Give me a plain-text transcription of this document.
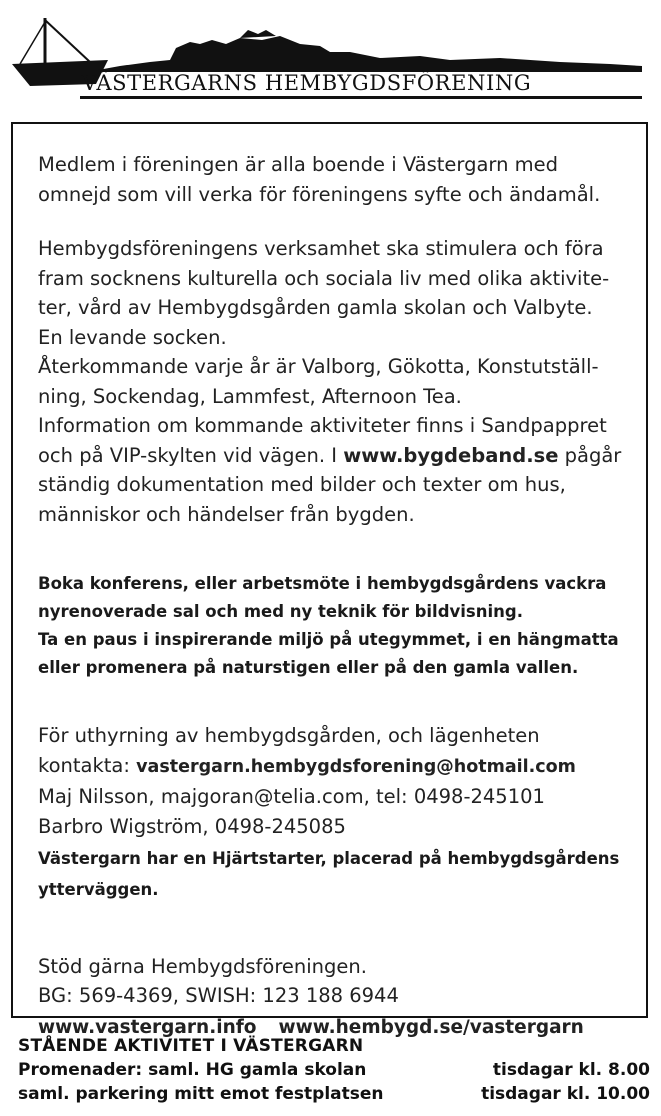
VÄSTERGARNS HEMBYGDSFÖRENING

Medlem i föreningen är alla boende i Västergarn med
omnejd som vill verka för föreningens syfte och ändamål.

Hembygdsföreningens verksamhet ska stimulera och föra
fram socknens kulturella och sociala liv med olika aktivite-
ter, vård av Hembygdsgården gamla skolan och Valbyte.
En levande socken.
Återkommande varje år är Valborg, Gökotta, Konstutställ-
ning, Sockendag, Lammfest, Afternoon Tea.
Information om kommande aktiviteter finns i Sandpappret
och på VIP-skylten vid vägen. I www.bygdeband.se pågår
ständig dokumentation med bilder och texter om hus,
människor och händelser från bygden.

Boka konferens, eller arbetsmöte i hembygdsgårdens vackra
nyrenoverade sal och med ny teknik för bildvisning.
Ta en paus i inspirerande miljö på utegymmet, i en hängmatta
eller promenera på naturstigen eller på den gamla vallen.

För uthyrning av hembygdsgården, och lägenheten
kontakta: vastergarn.hembygdsforening@hotmail.com
Maj Nilsson, majgoran@telia.com, tel: 0498-245101
Barbro Wigström, 0498-245085

Västergarn har en Hjärtstarter, placerad på hembygdsgårdens
ytterväggen.

Stöd gärna Hembygdsföreningen.
BG: 569-4369, SWISH: 123 188 6944

www.vastergarn.info www.hembygd.se/vastergarn

STÅENDE AKTIVITET I VÄSTERGARN
Promenader: saml. HG gamla skolan	tisdagar kl. 8.00
saml. parkering mitt emot festplatsen	tisdagar kl. 10.00
